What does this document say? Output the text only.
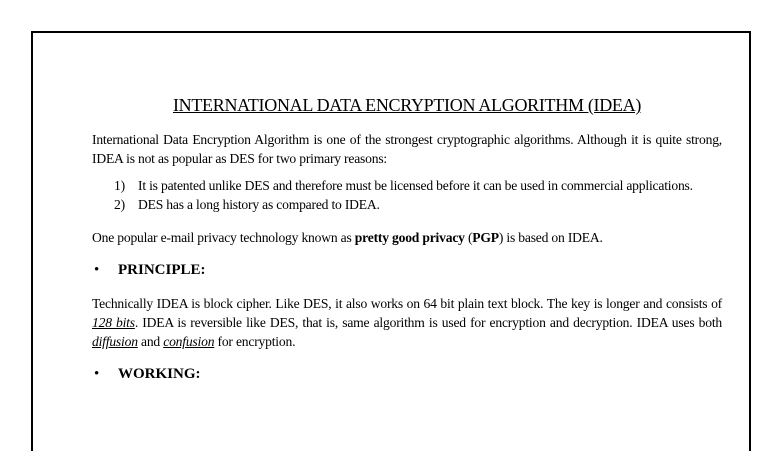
INTERNATIONAL DATA ENCRYPTION ALGORITHM (IDEA)

International Data Encryption Algorithm is one of the strongest cryptographic algorithms. Although it is quite strong, IDEA is not as popular as DES for two primary reasons:

1) It is patented unlike DES and therefore must be licensed before it can be used in commercial applications.
2) DES has a long history as compared to IDEA.

One popular e-mail privacy technology known as pretty good privacy (PGP) is based on IDEA.

• PRINCIPLE:

Technically IDEA is block cipher. Like DES, it also works on 64 bit plain text block. The key is longer and consists of 128 bits. IDEA is reversible like DES, that is, same algorithm is used for encryption and decryption. IDEA uses both diffusion and confusion for encryption.

• WORKING:
